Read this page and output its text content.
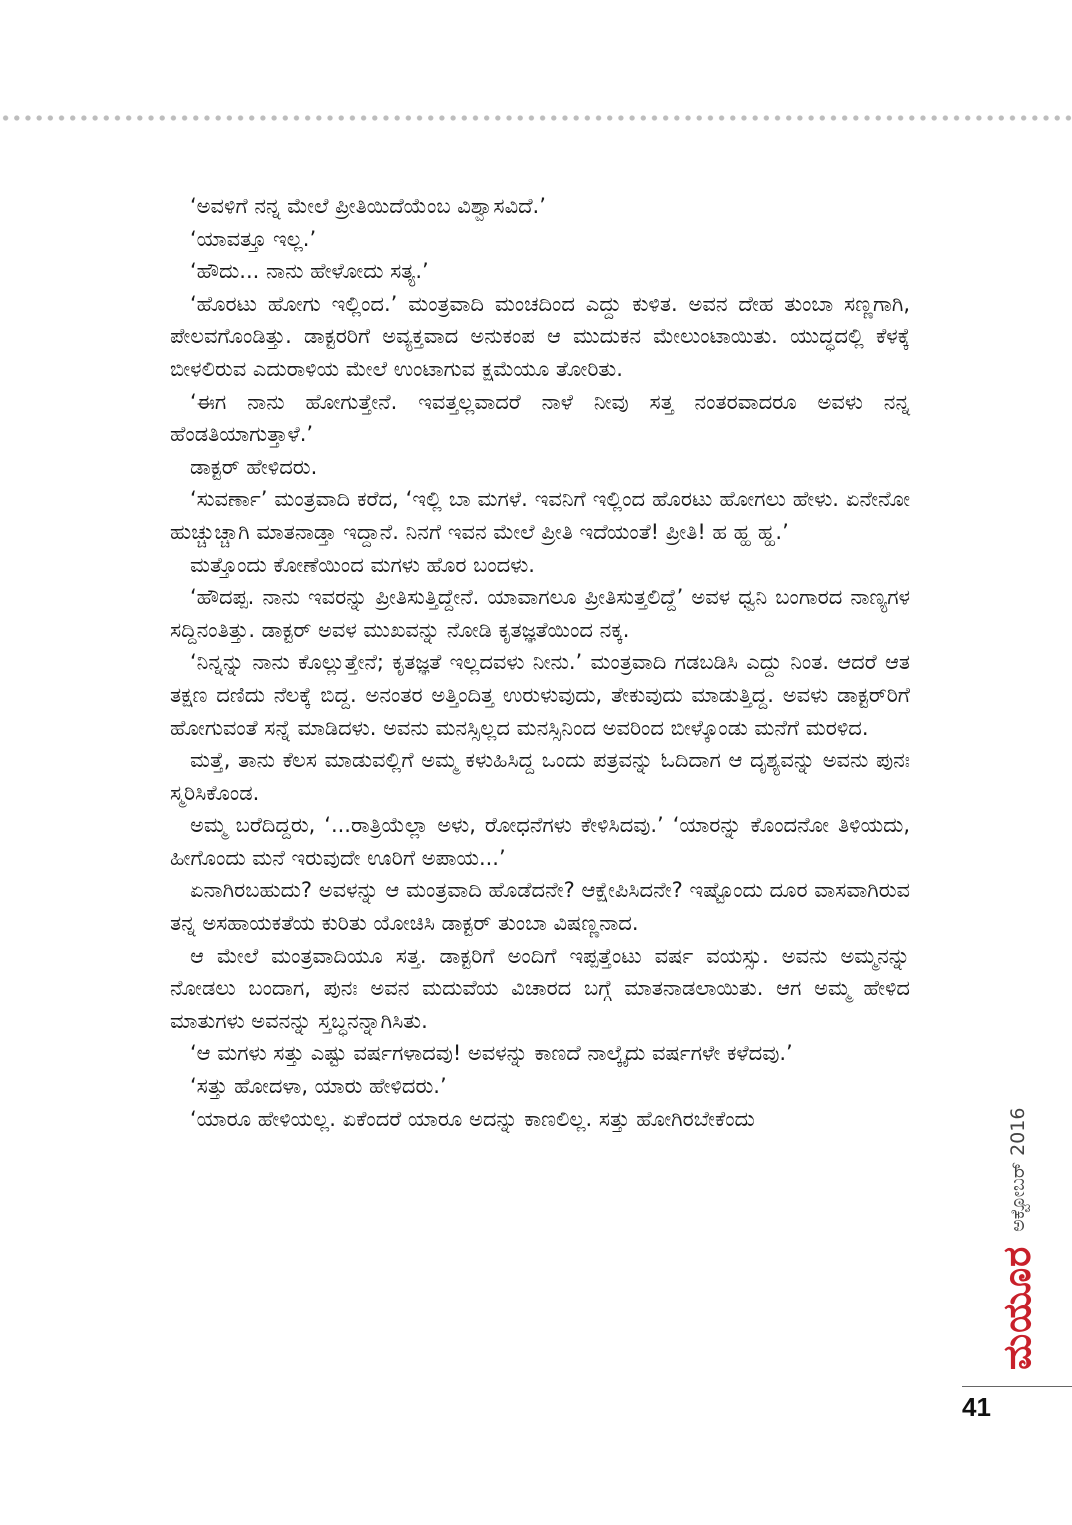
‘ಅವಳಿಗೆ ನನ್ನ ಮೇಲೆ ಪ್ರೀತಿಯಿದೆಯೆಂಬ ವಿಶ್ವಾಸವಿದೆ.’

‘ಯಾವತ್ತೂ ಇಲ್ಲ.’

‘ಹೌದು... ನಾನು ಹೇಳೋದು ಸತ್ಯ.’

‘ಹೊರಟು ಹೋಗು ಇಲ್ಲಿಂದ.’ ಮಂತ್ರವಾದಿ ಮಂಚದಿಂದ ಎದ್ದು ಕುಳಿತ. ಅವನ ದೇಹ ತುಂಬಾ ಸಣ್ಣಗಾಗಿ, ಪೇಲವಗೊಂಡಿತ್ತು. ಡಾಕ್ಟರರಿಗೆ ಅವ್ಯಕ್ತವಾದ ಅನುಕಂಪ ಆ ಮುದುಕನ ಮೇಲುಂಟಾಯಿತು. ಯುದ್ಧದಲ್ಲಿ ಕೆಳಕ್ಕೆ ಬೀಳಲಿರುವ ಎದುರಾಳಿಯ ಮೇಲೆ ಉಂಟಾಗುವ ಕ್ಷಮೆಯೂ ತೋರಿತು.

‘ಈಗ ನಾನು ಹೋಗುತ್ತೇನೆ. ಇವತ್ತಲ್ಲವಾದರೆ ನಾಳೆ ನೀವು ಸತ್ತ ನಂತರವಾದರೂ ಅವಳು ನನ್ನ ಹೆಂಡತಿಯಾಗುತ್ತಾಳೆ.’

ಡಾಕ್ಟರ್ ಹೇಳಿದರು.

‘ಸುವರ್ಣಾ’ ಮಂತ್ರವಾದಿ ಕರೆದ, ‘ಇಲ್ಲಿ ಬಾ ಮಗಳೆ. ಇವನಿಗೆ ಇಲ್ಲಿಂದ ಹೊರಟು ಹೋಗಲು ಹೇಳು. ಏನೇನೋ ಹುಚ್ಚುಚ್ಚಾಗಿ ಮಾತನಾಡ್ತಾ ಇದ್ದಾನೆ. ನಿನಗೆ ಇವನ ಮೇಲೆ ಪ್ರೀತಿ ಇದೆಯಂತೆ! ಪ್ರೀತಿ! ಹ ಹ್ಹ ಹ್ಹ.’

ಮತ್ತೊಂದು ಕೋಣೆಯಿಂದ ಮಗಳು ಹೊರ ಬಂದಳು.

‘ಹೌದಪ್ಪ. ನಾನು ಇವರನ್ನು ಪ್ರೀತಿಸುತ್ತಿದ್ದೇನೆ. ಯಾವಾಗಲೂ ಪ್ರೀತಿಸುತ್ತಲಿದ್ದೆ’ ಅವಳ ಧ್ವನಿ ಬಂಗಾರದ ನಾಣ್ಯಗಳ ಸದ್ದಿನಂತಿತ್ತು. ಡಾಕ್ಟರ್ ಅವಳ ಮುಖವನ್ನು ನೋಡಿ ಕೃತಜ್ಞತೆಯಿಂದ ನಕ್ಕ.

‘ನಿನ್ನನ್ನು ನಾನು ಕೊಲ್ಲುತ್ತೇನೆ; ಕೃತಜ್ಞತೆ ಇಲ್ಲದವಳು ನೀನು.’ ಮಂತ್ರವಾದಿ ಗಡಬಡಿಸಿ ಎದ್ದು ನಿಂತ. ಆದರೆ ಆತ ತಕ್ಷಣ ದಣಿದು ನೆಲಕ್ಕೆ ಬಿದ್ದ. ಅನಂತರ ಅತ್ತಿಂದಿತ್ತ ಉರುಳುವುದು, ತೇಕುವುದು ಮಾಡುತ್ತಿದ್ದ. ಅವಳು ಡಾಕ್ಟರ್‌ರಿಗೆ ಹೋಗುವಂತೆ ಸನ್ನೆ ಮಾಡಿದಳು. ಅವನು ಮನಸ್ಸಿಲ್ಲದ ಮನಸ್ಸಿನಿಂದ ಅವರಿಂದ ಬೀಳ್ಕೊಂಡು ಮನೆಗೆ ಮರಳಿದ.

ಮತ್ತೆ, ತಾನು ಕೆಲಸ ಮಾಡುವಲ್ಲಿಗೆ ಅಮ್ಮ ಕಳುಹಿಸಿದ್ದ ಒಂದು ಪತ್ರವನ್ನು ಓದಿದಾಗ ಆ ದೃಶ್ಯವನ್ನು ಅವನು ಪುನಃ ಸ್ಮರಿಸಿಕೊಂಡ.

ಅಮ್ಮ ಬರೆದಿದ್ದರು, ‘...ರಾತ್ರಿಯೆಲ್ಲಾ ಅಳು, ರೋಧನೆಗಳು ಕೇಳಿಸಿದವು.’ ‘ಯಾರನ್ನು ಕೊಂದನೋ ತಿಳಿಯದು, ಹೀಗೊಂದು ಮನೆ ಇರುವುದೇ ಊರಿಗೆ ಅಪಾಯ...’

ಏನಾಗಿರಬಹುದು? ಅವಳನ್ನು ಆ ಮಂತ್ರವಾದಿ ಹೊಡೆದನೇ? ಆಕ್ಷೇಪಿಸಿದನೇ? ಇಷ್ಟೊಂದು ದೂರ ವಾಸವಾಗಿರುವ ತನ್ನ ಅಸಹಾಯಕತೆಯ ಕುರಿತು ಯೋಚಿಸಿ ಡಾಕ್ಟರ್ ತುಂಬಾ ವಿಷಣ್ಣನಾದ.

ಆ ಮೇಲೆ ಮಂತ್ರವಾದಿಯೂ ಸತ್ತ. ಡಾಕ್ಟರಿಗೆ ಅಂದಿಗೆ ಇಪ್ಪತ್ತೆಂಟು ವರ್ಷ ವಯಸ್ಸು. ಅವನು ಅಮ್ಮನನ್ನು ನೋಡಲು ಬಂದಾಗ, ಪುನಃ ಅವನ ಮದುವೆಯ ವಿಚಾರದ ಬಗ್ಗೆ ಮಾತನಾಡಲಾಯಿತು. ಆಗ ಅಮ್ಮ ಹೇಳಿದ ಮಾತುಗಳು ಅವನನ್ನು ಸ್ತಬ್ಧನನ್ನಾಗಿಸಿತು.

‘ಆ ಮಗಳು ಸತ್ತು ಎಷ್ಟು ವರ್ಷಗಳಾದವು! ಅವಳನ್ನು ಕಾಣದೆ ನಾಲ್ಕೈದು ವರ್ಷಗಳೇ ಕಳೆದವು.’

‘ಸತ್ತು ಹೋದಳಾ, ಯಾರು ಹೇಳಿದರು.’

‘ಯಾರೂ ಹೇಳಿಯಲ್ಲ. ಏಕೆಂದರೆ ಯಾರೂ ಅದನ್ನು ಕಾಣಲಿಲ್ಲ. ಸತ್ತು ಹೋಗಿರಬೇಕೆಂದು

ಮಯೂರಅಕ್ಟೋಬರ್ 2016
41
